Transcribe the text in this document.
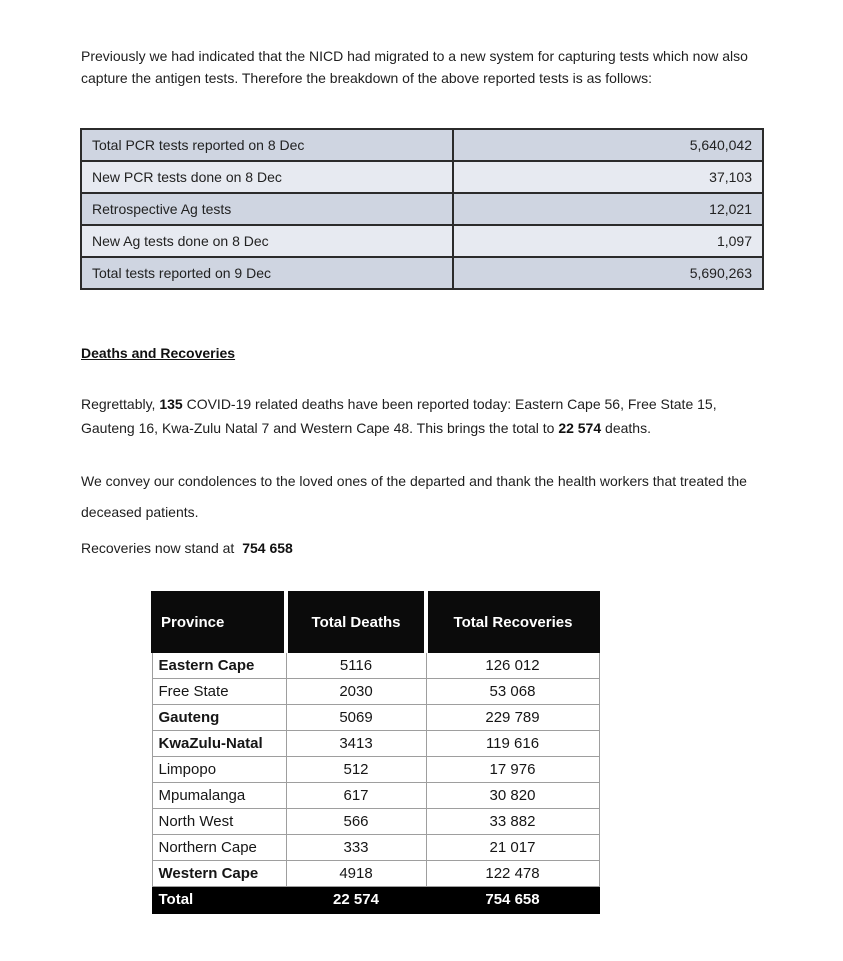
Previously we had indicated that the NICD had migrated to a new system for capturing tests which now also capture the antigen tests. Therefore the breakdown of the above reported tests is as follows:

Total PCR tests reported on 8 Dec	5,640,042
New PCR tests done on 8 Dec	37,103
Retrospective Ag tests	12,021
New Ag tests done on 8 Dec	1,097
Total tests reported on 9 Dec	5,690,263
Deaths and Recoveries

Regrettably, 135 COVID-19 related deaths have been reported today: Eastern Cape 56, Free State 15, Gauteng 16, Kwa-Zulu Natal 7 and Western Cape 48. This brings the total to 22 574 deaths.

We convey our condolences to the loved ones of the departed and thank the health workers that treated the deceased patients.

Recoveries now stand at 754 658

Province	Total Deaths	Total Recoveries
Eastern Cape	5116	126 012
Free State	2030	53 068
Gauteng	5069	229 789
KwaZulu-Natal	3413	119 616
Limpopo	512	17 976
Mpumalanga	617	30 820
North West	566	33 882
Northern Cape	333	21 017
Western Cape	4918	122 478
Total	22 574	754 658
